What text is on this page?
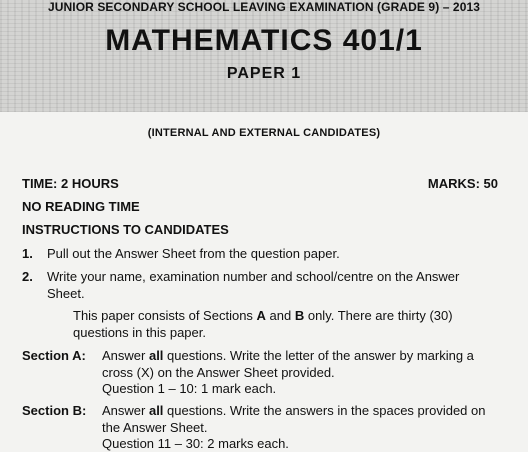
JUNIOR SECONDARY SCHOOL LEAVING EXAMINATION (GRADE 9) – 2013
MATHEMATICS 401/1
PAPER 1
(INTERNAL AND EXTERNAL CANDIDATES)
TIME: 2 HOURS	MARKS: 50
NO READING TIME
INSTRUCTIONS TO CANDIDATES
1. Pull out the Answer Sheet from the question paper.
2. Write your name, examination number and school/centre on the Answer
Sheet.
This paper consists of Sections A and B only. There are thirty (30)
questions in this paper.
Section A: Answer all questions. Write the letter of the answer by marking a
cross (X) on the Answer Sheet provided.
Question 1 – 10: 1 mark each.
Section B: Answer all questions. Write the answers in the spaces provided on
the Answer Sheet.
Question 11 – 30: 2 marks each.
